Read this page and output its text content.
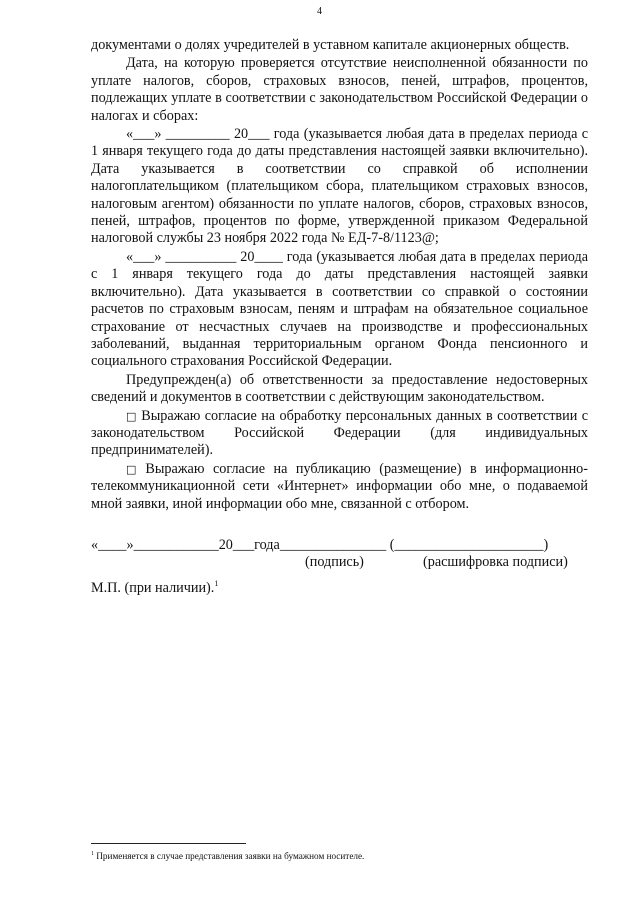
4

документами о долях учредителей в уставном капитале акционерных обществ.

Дата, на которую проверяется отсутствие неисполненной обязанности по уплате налогов, сборов, страховых взносов, пеней, штрафов, процентов, подлежащих уплате в соответствии с законодательством Российской Федерации о налогах и сборах:

«___» _________ 20___ года (указывается любая дата в пределах периода с 1 января текущего года до даты представления настоящей заявки включительно). Дата указывается в соответствии со справкой об исполнении налогоплательщиком (плательщиком сбора, плательщиком страховых взносов, налоговым агентом) обязанности по уплате налогов, сборов, страховых взносов, пеней, штрафов, процентов по форме, утвержденной приказом Федеральной налоговой службы 23 ноября 2022 года № ЕД-7-8/1123@;

«___» __________ 20____ года (указывается любая дата в пределах периода с 1 января текущего года до даты представления настоящей заявки включительно). Дата указывается в соответствии со справкой о состоянии расчетов по страховым взносам, пеням и штрафам на обязательное социальное страхование от несчастных случаев на производстве и профессиональных заболеваний, выданная территориальным органом Фонда пенсионного и социального страхования Российской Федерации.

Предупрежден(а) об ответственности за предоставление недостоверных сведений и документов в соответствии с действующим законодательством.

□ Выражаю согласие на обработку персональных данных в соответствии с законодательством Российской Федерации (для индивидуальных предпринимателей).

□ Выражаю согласие на публикацию (размещение) в информационно-телекоммуникационной сети «Интернет» информации обо мне, о подаваемой мной заявки, иной информации обо мне, связанной с отбором.

«____»____________20___года_______________ (_____________________)
(подпись)	(расшифровка подписи)
М.П. (при наличии).$^1$
$^1$ Применяется в случае представления заявки на бумажном носителе.
